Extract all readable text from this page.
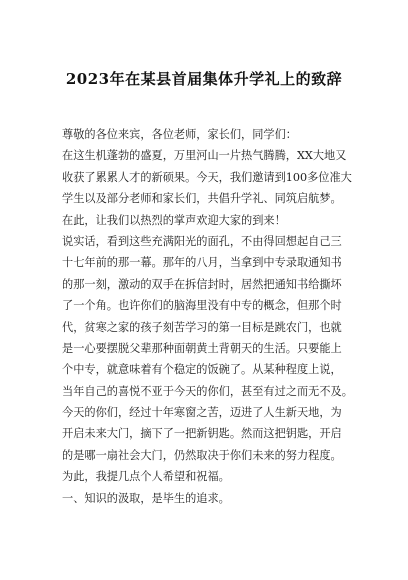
2023年在某县首届集体升学礼上的致辞
尊敬的各位来宾，各位老师，家长们，同学们：
在这生机蓬勃的盛夏，万里河山一片热气腾腾，XX大地又
收获了累累人才的新硕果。今天，我们邀请到100多位准大
学生以及部分老师和家长们，共倡升学礼、同筑启航梦。
在此，让我们以热烈的掌声欢迎大家的到来！
说实话，看到这些充满阳光的面孔，不由得回想起自己三
十七年前的那一幕。那年的八月，当拿到中专录取通知书
的那一刻，激动的双手在拆信封时，居然把通知书给撕坏
了一个角。也许你们的脑海里没有中专的概念，但那个时
代，贫寒之家的孩子刻苦学习的第一目标是跳农门，也就
是一心要摆脱父辈那种面朝黄土背朝天的生活。只要能上
个中专，就意味着有个稳定的饭碗了。从某种程度上说，
当年自己的喜悦不亚于今天的你们，甚至有过之而无不及。
今天的你们，经过十年寒窗之苦，迈进了人生新天地，为
开启未来大门，摘下了一把新钥匙。然而这把钥匙，开启
的是哪一扇社会大门，仍然取决于你们未来的努力程度。
为此，我提几点个人希望和祝福。
一、知识的汲取，是毕生的追求。
